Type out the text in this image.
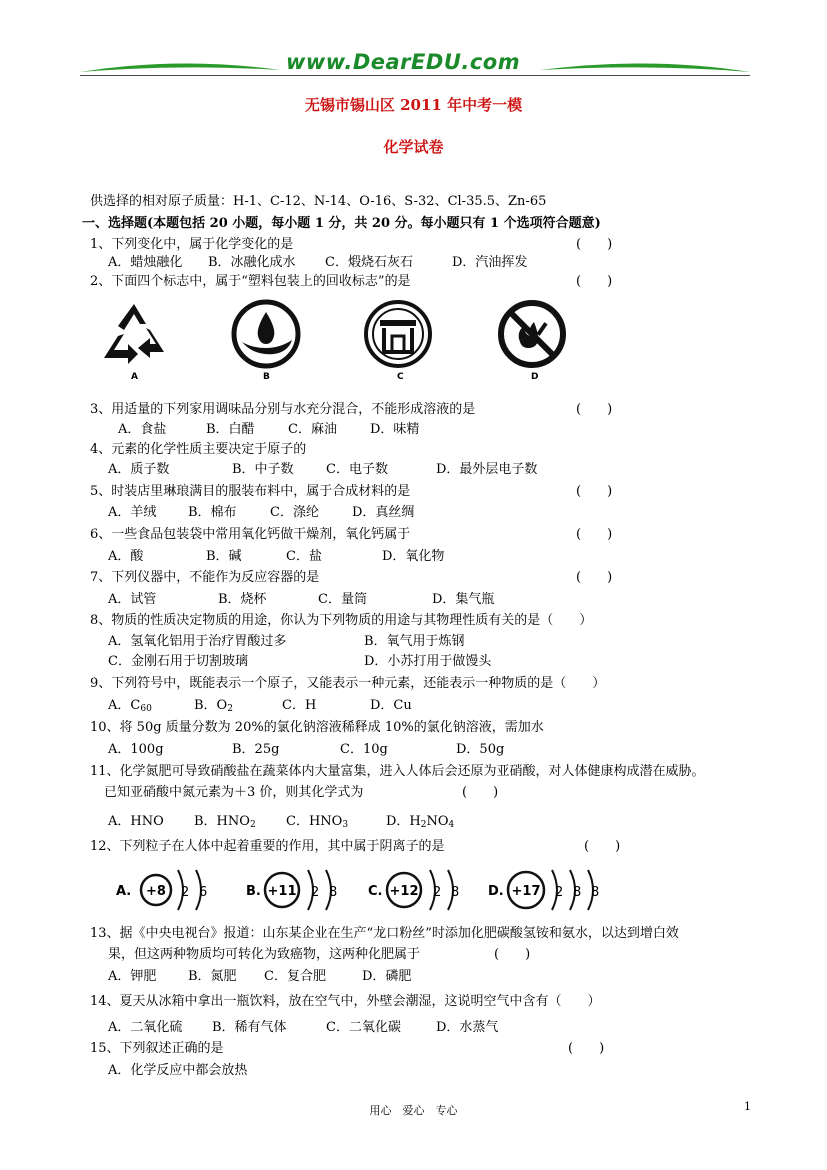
www.DearEDU.com
无锡市锡山区 2011 年中考一模
化学试卷
供选择的相对原子质量：H-1、C-12、N-14、O-16、S-32、Cl-35.5、Zn-65
一、选择题(本题包括 20 小题，每小题 1 分，共 20 分。每小题只有 1 个选项符合题意)
1、下列变化中，属于化学变化的是	(　　)
A．蜡烛融化 B．冰融化成水 C．煅烧石灰石	D．汽油挥发
2、下面四个标志中，属于“塑料包装上的回收标志”的是	(　　)
A	B	C	D
3、用适量的下列家用调味品分别与水充分混合，不能形成溶液的是	(　　)
A．食盐	B．白醋	C．麻油	D．味精
4、元素的化学性质主要决定于原子的
A．质子数	B．中子数 C．电子数	D．最外层电子数
5、时装店里琳琅满目的服装布料中，属于合成材料的是	(　　)
A．羊绒 B．棉布	C．涤纶	D．真丝绸
6、一些食品包装袋中常用氧化钙做干燥剂，氧化钙属于	(　　)
A．酸	B．碱	C．盐	D．氧化物
7、下列仪器中，不能作为反应容器的是	(　　)
A．试管	B．烧杯	C．量筒	D．集气瓶
8、物质的性质决定物质的用途，你认为下列物质的用途与其物理性质有关的是（　　）
A．氢氧化铝用于治疗胃酸过多	B．氧气用于炼钢
C．金刚石用于切割玻璃	D．小苏打用于做馒头
9、下列符号中，既能表示一个原子，又能表示一种元素，还能表示一种物质的是（　　）
A．$C_{60}$	B．$O_2$	C．H	D．Cu
10、将 50g 质量分数为 20%的氯化钠溶液稀释成 10%的氯化钠溶液，需加水
A．100g	B．25g	C．10g	D．50g
11、化学氮肥可导致硝酸盐在蔬菜体内大量富集，进入人体后会还原为亚硝酸，对人体健康构成潜在威胁。
已知亚硝酸中氮元素为＋3 价，则其化学式为	(　　)
A．HNO B．$HNO_2$ C．$HNO_3$	D．$H_2NO_4$
12、下列粒子在人体中起着重要的作用，其中属于阴离子的是	(　　)
A. +8 2 6	B. +11 2 8 C. +12 2 8 D. +17 2 8 8
13、据《中央电视台》报道：山东某企业在生产“龙口粉丝”时添加化肥碳酸氢铵和氨水，以达到增白效
果，但这两种物质均可转化为致癌物，这两种化肥属于	(　　)
A．钾肥 B．氮肥 C．复合肥	D．磷肥
14、夏天从冰箱中拿出一瓶饮料，放在空气中，外壁会潮湿，这说明空气中含有（　　）
A．二氧化硫 B．稀有气体	C．二氧化碳	D．水蒸气
15、下列叙述正确的是	(　　)
A．化学反应中都会放热
用心　爱心　专心	1
